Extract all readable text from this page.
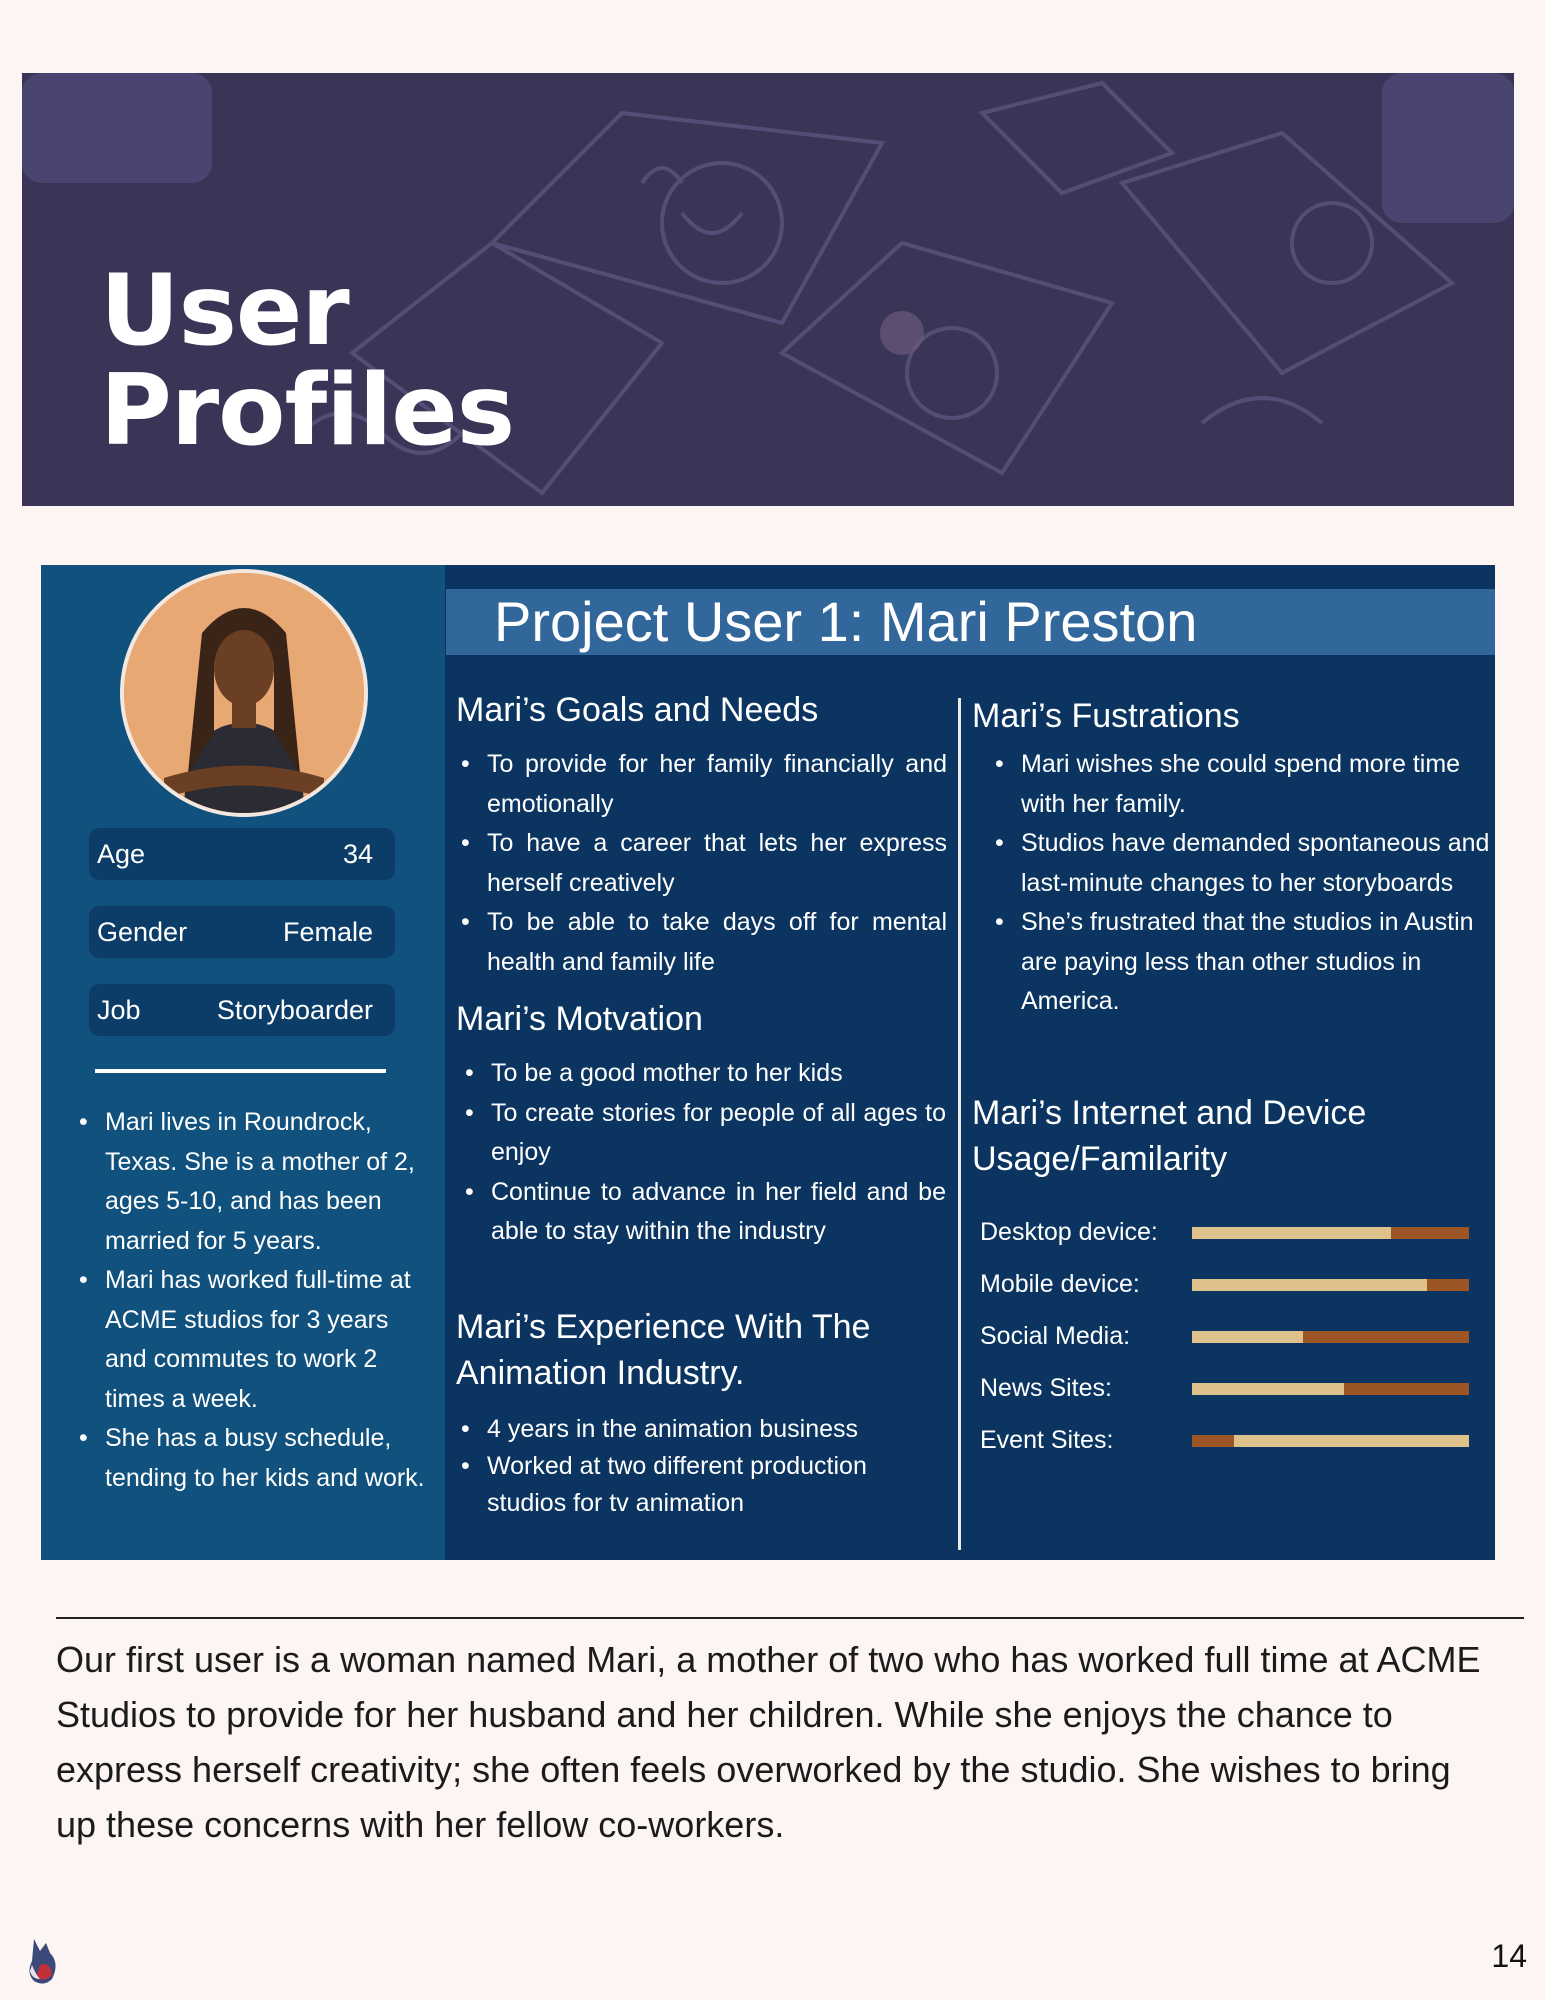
User
Profiles
Age	34
Gender	Female
Job	Storyboarder
• Mari lives in Roundrock, Texas. She is a mother of 2, ages 5-10, and has been married for 5 years.
• Mari has worked full-time at ACME studios for 3 years and commutes to work 2 times a week.
• She has a busy schedule, tending to her kids and work.
Project User 1: Mari Preston
Mari’s Goals and Needs
• To provide for her family financially and emotionally
• To have a career that lets her express herself creatively
• To be able to take days off for mental health and family life
Mari’s Motvation
• To be a good mother to her kids
• To create stories for people of all ages to enjoy
• Continue to advance in her field and be able to stay within the industry
Mari’s Experience With The
Animation Industry.
• 4 years in the animation business
• Worked at two different production studios for tv animation
Mari’s Fustrations
• Mari wishes she could spend more time with her family.
• Studios have demanded spontaneous and last-minute changes to her storyboards
• She’s frustrated that the studios in Austin are paying less than other studios in America.
Mari’s Internet and Device
Usage/Familarity
Desktop device:
Mobile device:
Social Media:
News Sites:
Event Sites:

Our first user is a woman named Mari, a mother of two who has worked full time at ACME Studios to provide for her husband and her children. While she enjoys the chance to express herself creativity; she often feels overworked by the studio. She wishes to bring up these concerns with her fellow co-workers.

14
